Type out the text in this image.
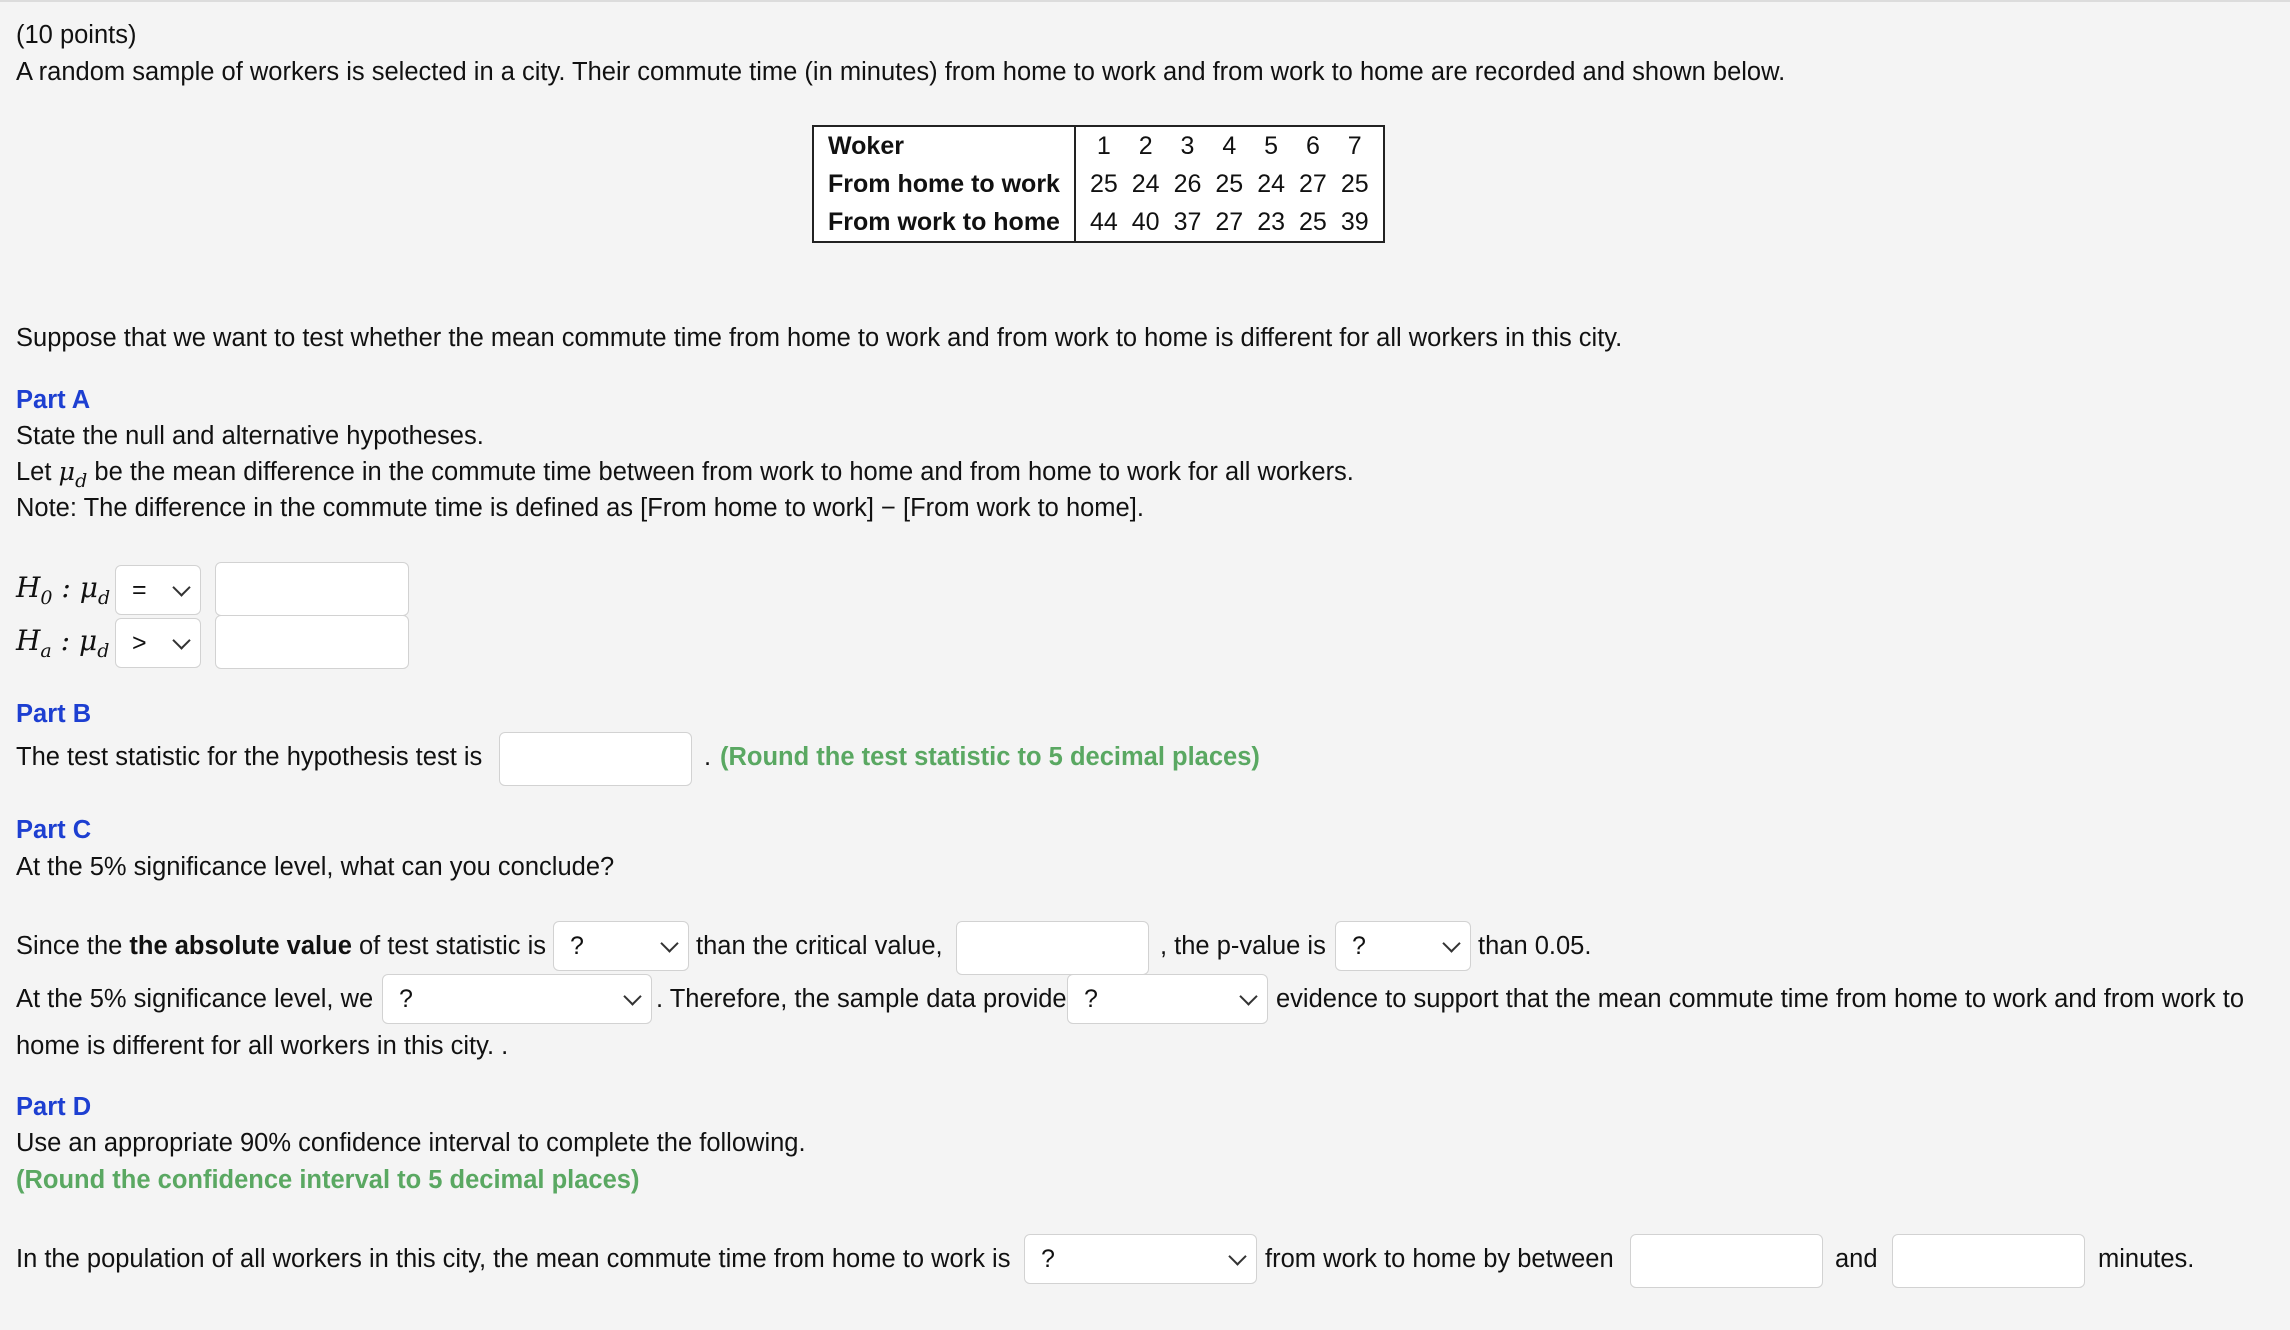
(10 points)
A random sample of workers is selected in a city. Their commute time (in minutes) from home to work and from work to home are recorded and shown below.
Woker	1	2	3	4	5	6	7
From home to work	25	24	26	25	24	27	25
From work to home	44	40	37	27	23	25	39
Suppose that we want to test whether the mean commute time from home to work and from work to home is different for all workers in this city.
Part A
State the null and alternative hypotheses.
Let $\mu_d$ be the mean difference in the commute time between from work to home and from home to work for all workers.
Note: The difference in the commute time is defined as [From home to work] − [From work to home].
$H_0$ : $\mu_d$ =
$H_a$ : $\mu_d$ >
Part B
The test statistic for the hypothesis test is	. (Round the test statistic to 5 decimal places)
Part C
At the 5% significance level, what can you conclude?
Since the the absolute value of test statistic is ?	than the critical value,	, the p-value is	?	than 0.05.
At the 5% significance level, we	?	. Therefore, the sample data provide ?	evidence to support that the mean commute time from home to work and from work to
home is different for all workers in this city. .
Part D
Use an appropriate 90% confidence interval to complete the following.
(Round the confidence interval to 5 decimal places)
In the population of all workers in this city, the mean commute time from home to work is	?	from work to home by between	and	minutes.
